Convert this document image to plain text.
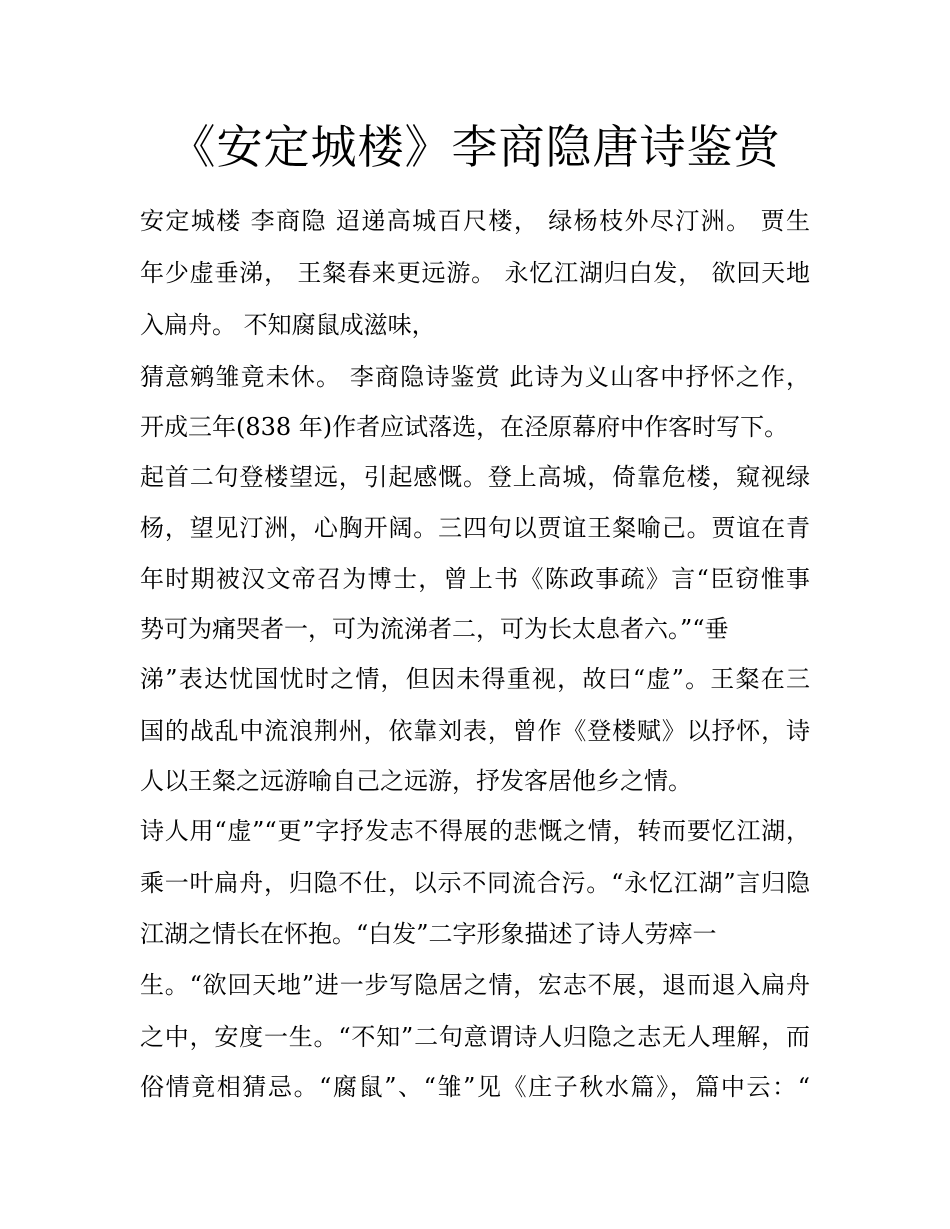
《安定城楼》李商隐唐诗鉴赏

安定城楼 李商隐 迢递高城百尺楼， 绿杨枝外尽汀洲。 贾生

年少虚垂涕， 王粲春来更远游。 永忆江湖归白发， 欲回天地

入扁舟。 不知腐鼠成滋味，

猜意鹓雏竟未休。 李商隐诗鉴赏 此诗为义山客中抒怀之作，

开成三年(838 年)作者应试落选，在泾原幕府中作客时写下。

起首二句登楼望远，引起感慨。登上高城，倚靠危楼，窥视绿

杨，望见汀洲，心胸开阔。三四句以贾谊王粲喻己。贾谊在青

年时期被汉文帝召为博士，曾上书《陈政事疏》言“臣窃惟事

势可为痛哭者一，可为流涕者二，可为长太息者六。”“垂

涕”表达忧国忧时之情，但因未得重视，故曰“虚”。王粲在三

国的战乱中流浪荆州，依靠刘表，曾作《登楼赋》以抒怀，诗

人以王粲之远游喻自己之远游，抒发客居他乡之情。

诗人用“虚”“更”字抒发志不得展的悲慨之情，转而要忆江湖，

乘一叶扁舟，归隐不仕，以示不同流合污。“永忆江湖”言归隐

江湖之情长在怀抱。“白发”二字形象描述了诗人劳瘁一

生。“欲回天地”进一步写隐居之情，宏志不展，退而退入扁舟

之中，安度一生。“不知”二句意谓诗人归隐之志无人理解，而

俗情竟相猜忌。“腐鼠”、“雏”见《庄子秋水篇》，篇中云：“
